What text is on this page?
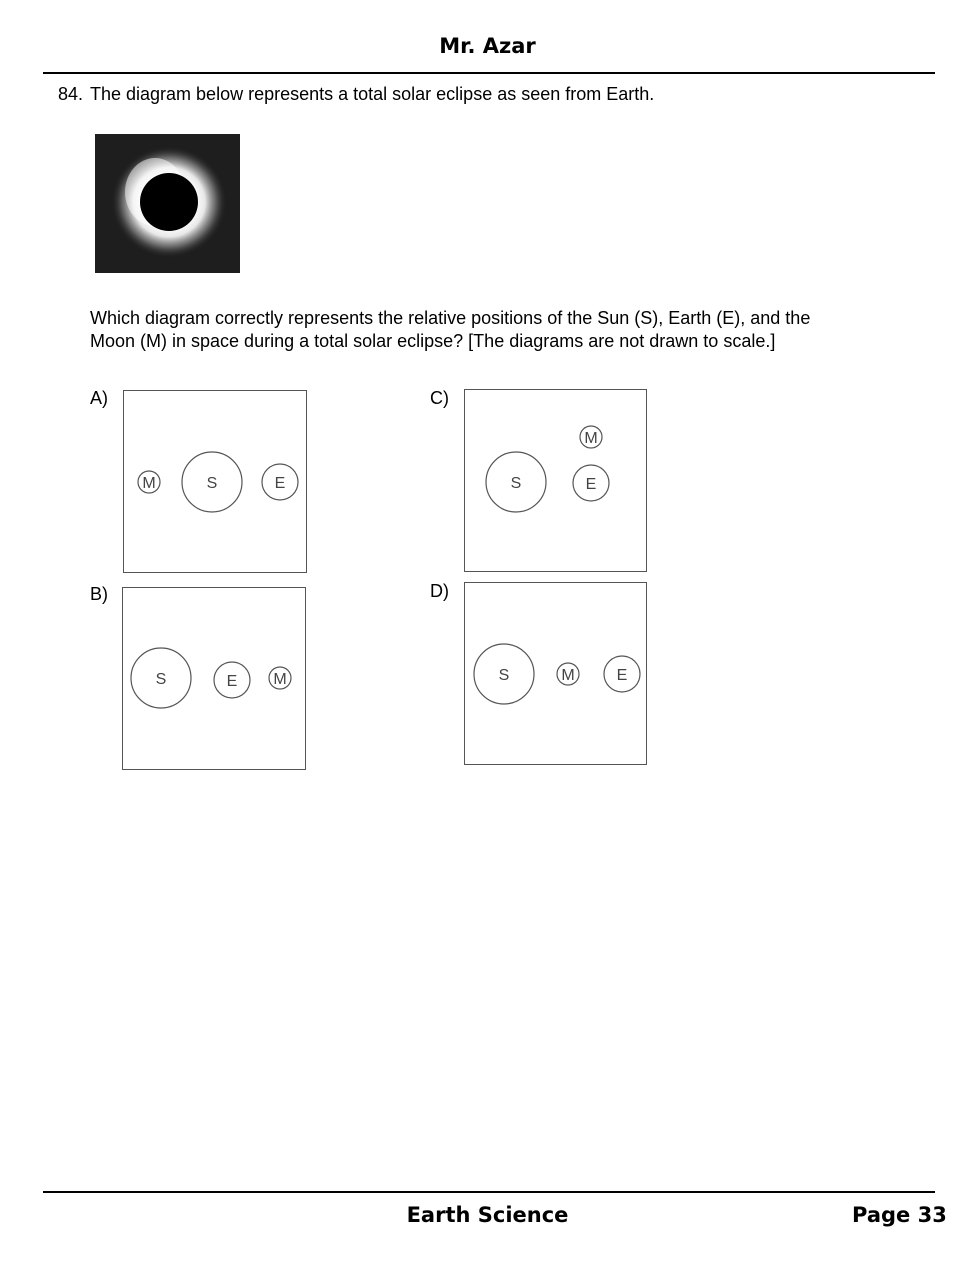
Mr. Azar
84. The diagram below represents a total solar eclipse as seen from Earth.
Which diagram correctly represents the relative positions of the Sun (S), Earth (E), and the Moon (M) in space during a total solar eclipse? [The diagrams are not drawn to scale.]
A)
M	S	E
C)
M
S	E
B)
S	E M
D)
S	M	E
Earth Science	Page 33
